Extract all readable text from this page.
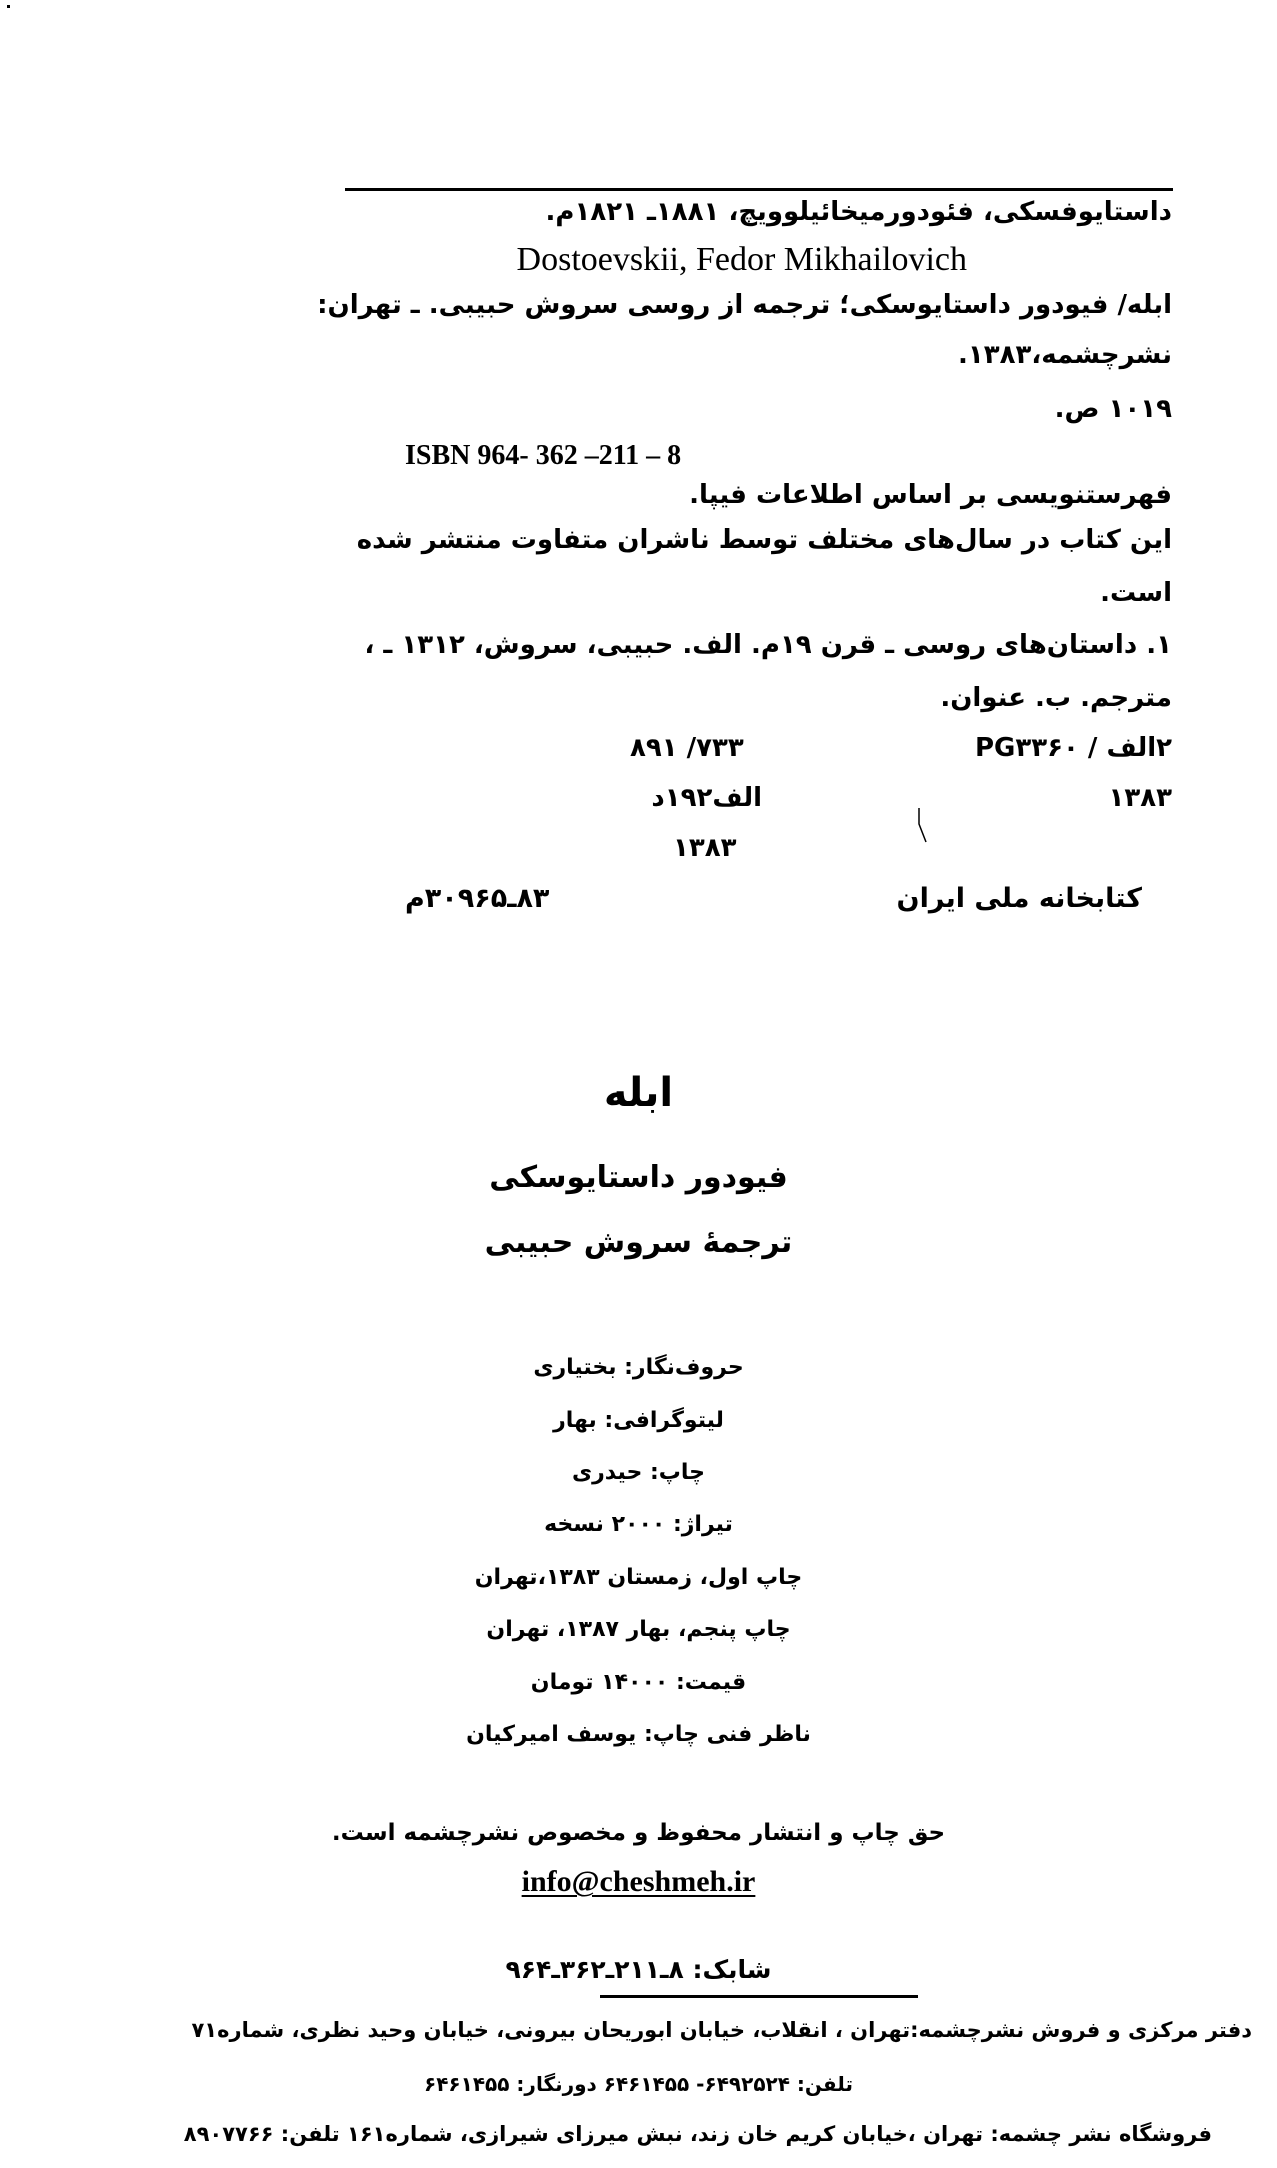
داستایوفسکی، فئودورمیخائیلوویچ، ۱۸۸۱ـ ۱۸۲۱م.
Dostoevskii, Fedor Mikhailovich
ابله/ فیودور داستایوسکی؛ ترجمه از روسی سروش حبیبی. ـ تهران:
نشرچشمه،۱۳۸۳.
۱۰۱۹ ص.
ISBN 964- 362 –211 – 8
فهرستنویسی بر اساس اطلاعات فیپا.
این کتاب در سال‌های مختلف توسط ناشران متفاوت منتشر شده
است.
۱. داستان‌های روسی ـ قرن ۱۹م. الف. حبیبی، سروش، ۱۳۱۲ ـ ،
مترجم. ب. عنوان.
۲الف / PG۳۳۶۰
۱۳۸۳
۸۹۱ /۷۳۳
الف۱۹۲د
۱۳۸۳
کتابخانه ملی ایران
۸۳ـ۳۰۹۶۵م
ابله
فیودور داستایوسکی
ترجمهٔ سروش حبیبی
حروف‌نگار: بختیاری
لیتوگرافی: بهار
چاپ: حیدری
تیراژ: ۲۰۰۰ نسخه
چاپ اول، زمستان ۱۳۸۳،تهران
چاپ پنجم، بهار ۱۳۸۷، تهران
قیمت: ۱۴۰۰۰ تومان
ناظر فنی چاپ: یوسف امیرکیان
حق چاپ و انتشار محفوظ و مخصوص نشرچشمه است.
info@cheshmeh.ir
شابک: ۸ـ۲۱۱ـ۳۶۲ـ۹۶۴
دفتر مرکزی و فروش نشرچشمه:تهران ، انقلاب، خیابان ابوریحان بیرونی، خیابان وحید نظری، شماره۷۱
تلفن: ۶۴۹۲۵۲۴- ۶۴۶۱۴۵۵ دورنگار: ۶۴۶۱۴۵۵
فروشگاه نشر چشمه: تهران ،خیابان کریم خان زند، نبش میرزای شیرازی، شماره۱۶۱ تلفن: ۸۹۰۷۷۶۶
